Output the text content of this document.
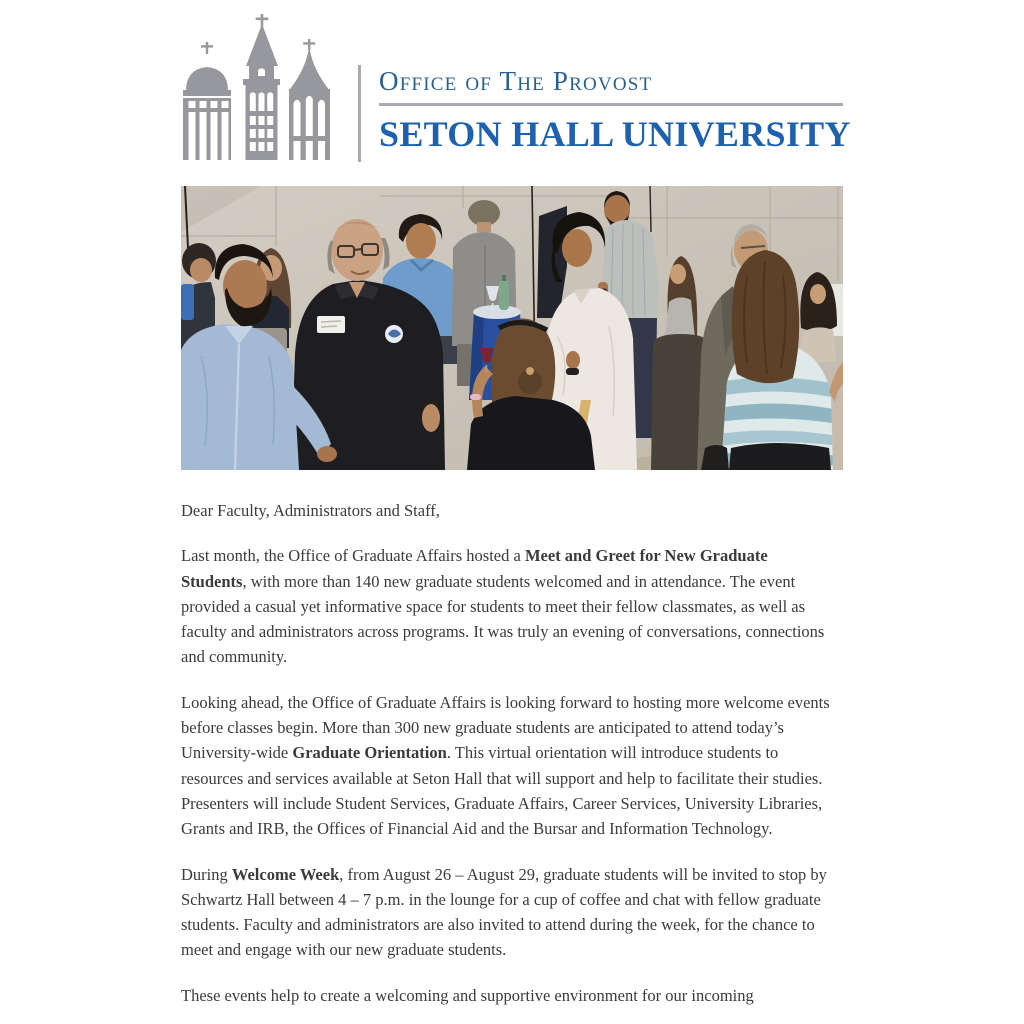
Office of The Provost
SETON HALL UNIVERSITY

Dear Faculty, Administrators and Staff,

Last month, the Office of Graduate Affairs hosted a Meet and Greet for New Graduate Students, with more than 140 new graduate students welcomed and in attendance. The event provided a casual yet informative space for students to meet their fellow classmates, as well as faculty and administrators across programs. It was truly an evening of conversations, connections and community.

Looking ahead, the Office of Graduate Affairs is looking forward to hosting more welcome events before classes begin. More than 300 new graduate students are anticipated to attend today’s University-wide Graduate Orientation. This virtual orientation will introduce students to resources and services available at Seton Hall that will support and help to facilitate their studies. Presenters will include Student Services, Graduate Affairs, Career Services, University Libraries, Grants and IRB, the Offices of Financial Aid and the Bursar and Information Technology.

During Welcome Week, from August 26 – August 29, graduate students will be invited to stop by Schwartz Hall between 4 – 7 p.m. in the lounge for a cup of coffee and chat with fellow graduate students. Faculty and administrators are also invited to attend during the week, for the chance to meet and engage with our new graduate students.

These events help to create a welcoming and supportive environment for our incoming
